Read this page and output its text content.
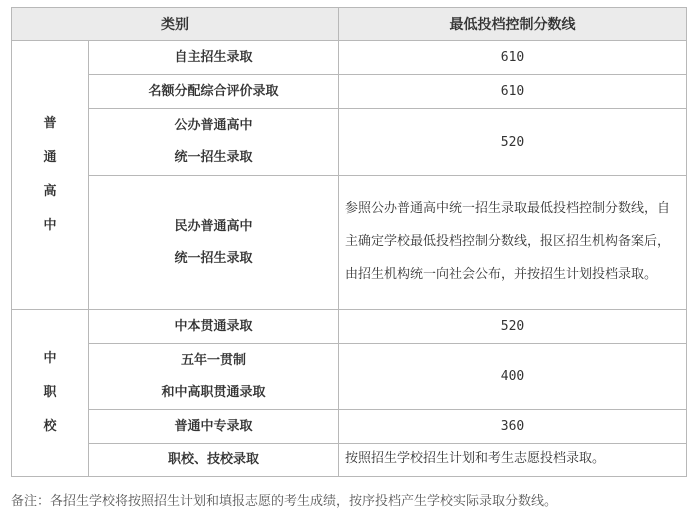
类别		最低投档控制分数线

普
通
高
中	自主招生录取	610

	名额分配综合评价录取	610

	公办普通高中
统一招生录取	520

	民办普通高中
统一招生录取	参照公办普通高中统一招生录取最低投档控制分数线，自主确定学校最低投档控制分数线，报区招生机构备案后，由招生机构统一向社会公布，并按招生计划投档录取。

中
职
校	中本贯通录取	520

	五年一贯制
和中高职贯通录取	400

	普通中专录取	360

	职校、技校录取	按照招生学校招生计划和考生志愿投档录取。
备注：各招生学校将按照招生计划和填报志愿的考生成绩，按序投档产生学校实际录取分数线。
